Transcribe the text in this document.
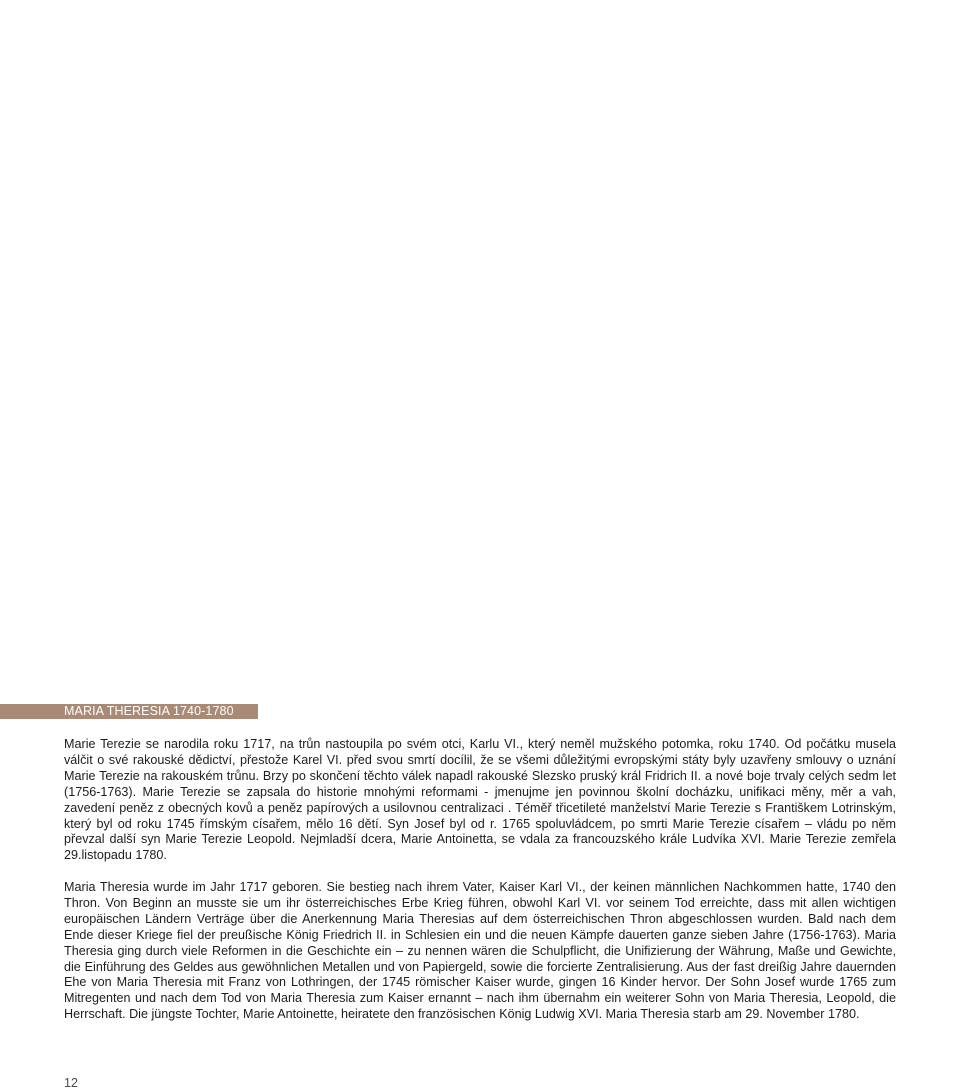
MARIA THERESIA 1740-1780

Marie Terezie se narodila roku 1717, na trůn nastoupila po svém otci, Karlu VI., který neměl mužského potomka, roku 1740. Od počátku musela válčit o své rakouské dědictví, přestože Karel VI. před svou smrtí docílil, že se všemi důležitými evropskými státy byly uzavřeny smlouvy o uznání Marie Terezie na rakouském trůnu. Brzy po skončení těchto válek napadl rakouské Slezsko pruský král Fridrich II. a nové boje trvaly celých sedm let (1756-1763). Marie Terezie se zapsala do historie mnohými reformami - jmenujme jen povinnou školní docházku, unifikaci měny, měr a vah, zavedení peněz z obecných kovů a peněz papírových a usilovnou centralizaci . Téměř třicetileté manželství Marie Terezie s Františkem Lotrinským, který byl od roku 1745 římským císařem, mělo 16 dětí. Syn Josef byl od r. 1765 spoluvládcem, po smrti Marie Terezie císařem – vládu po něm převzal další syn Marie Terezie Leopold. Nejmladší dcera, Marie Antoinetta, se vdala za francouzského krále Ludvíka XVI. Marie Terezie zemřela 29.listopadu 1780.

Maria Theresia wurde im Jahr 1717 geboren. Sie bestieg nach ihrem Vater, Kaiser Karl VI., der keinen männlichen Nachkommen hatte, 1740 den Thron. Von Beginn an musste sie um ihr österreichisches Erbe Krieg führen, obwohl Karl VI. vor seinem Tod erreichte, dass mit allen wichtigen europäischen Ländern Verträge über die Anerkennung Maria Theresias auf dem österreichischen Thron abgeschlossen wurden. Bald nach dem Ende dieser Kriege fiel der preußische König Friedrich II. in Schlesien ein und die neuen Kämpfe dauerten ganze sieben Jahre (1756-1763). Maria Theresia ging durch viele Reformen in die Geschichte ein – zu nennen wären die Schulpflicht, die Unifizierung der Währung, Maße und Gewichte, die Einführung des Geldes aus gewöhnlichen Metallen und von Papiergeld, sowie die forcierte Zentralisierung. Aus der fast dreißig Jahre dauernden Ehe von Maria Theresia mit Franz von Lothringen, der 1745 römischer Kaiser wurde, gingen 16 Kinder hervor. Der Sohn Josef wurde 1765 zum Mitregenten und nach dem Tod von Maria Theresia zum Kaiser ernannt – nach ihm übernahm ein weiterer Sohn von Maria Theresia, Leopold, die Herrschaft. Die jüngste Tochter, Marie Antoinette, heiratete den französischen König Ludwig XVI. Maria Theresia starb am 29. November 1780.

12
